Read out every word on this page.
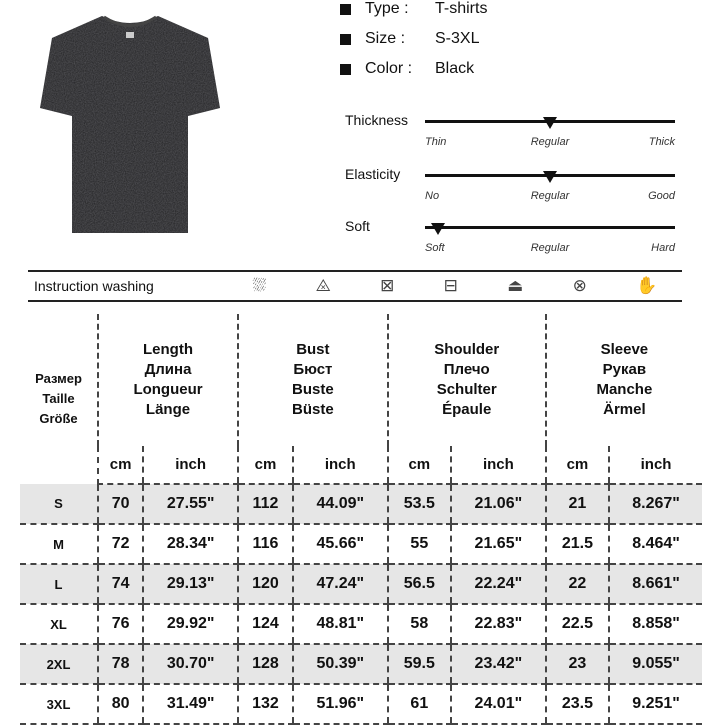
Type :	T-shirts
Size :	S-3XL
Color :	Black
Thickness
Thin	Regular	Thick
Elasticity
No	Regular	Good
Soft
Soft	Regular	Hard
Instruction washing	⛆	⨻	⊠	⊟	⏏	⊗	✋
Размер
Taille
Größe	Length
Длина
Longueur
Länge		Bust
Бюст
Buste
Büste		Shoulder
Плечо
Schulter
Épaule		Sleeve
Рукав
Manche
Ärmel	
	cm	inch	cm	inch	cm	inch	cm	inch
S	70	27.55"	112	44.09"	53.5	21.06"	21	8.267"
M	72	28.34"	116	45.66"	55	21.65"	21.5	8.464"
L	74	29.13"	120	47.24"	56.5	22.24"	22	8.661"
XL	76	29.92"	124	48.81"	58	22.83"	22.5	8.858"
2XL	78	30.70"	128	50.39"	59.5	23.42"	23	9.055"
3XL	80	31.49"	132	51.96"	61	24.01"	23.5	9.251"
